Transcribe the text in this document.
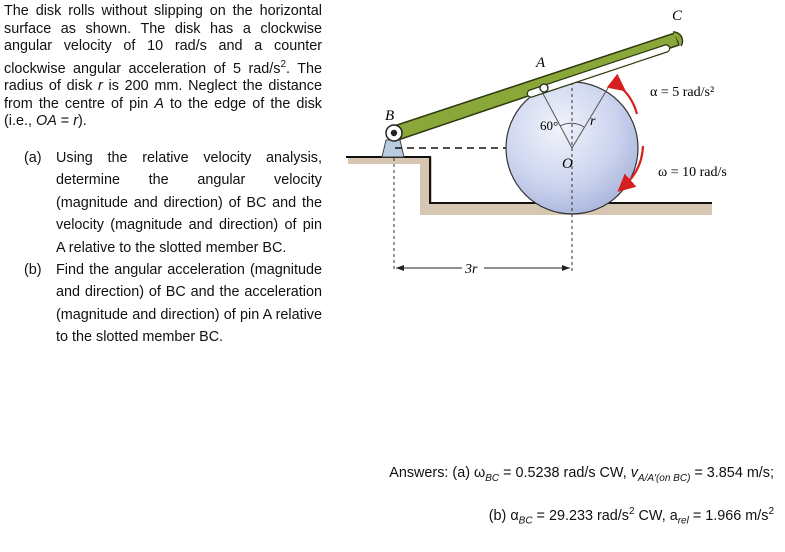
The disk rolls without slipping on the horizontal surface as shown. The disk has a clockwise angular velocity of 10 rad/s and a counter clockwise angular acceleration of 5 rad/$s^2$. The radius of disk r is 200 mm. Neglect the distance from the centre of pin A to the edge of the disk (i.e., OA = r).
(a)	Using the relative velocity analysis, determine the angular velocity (magnitude and direction) of BC and the velocity (magnitude and direction) of pin A relative to the slotted member BC.
(b)	Find the angular acceleration (magnitude and direction) of BC and the acceleration (magnitude and direction) of pin A relative to the slotted member BC.
A
B
C
O
r
60°
α = 5 rad/s²
ω = 10 rad/s
3r
Answers: (a) $\omega_{BC} = 0.5238$ rad/s CW, $v_{A/A'(on BC)} = 3.854$ m/s;
(b) $\alpha_{BC} = 29.233$ rad/$s^2$ CW, $a_{rel} = 1.966$ $m/s^2$
